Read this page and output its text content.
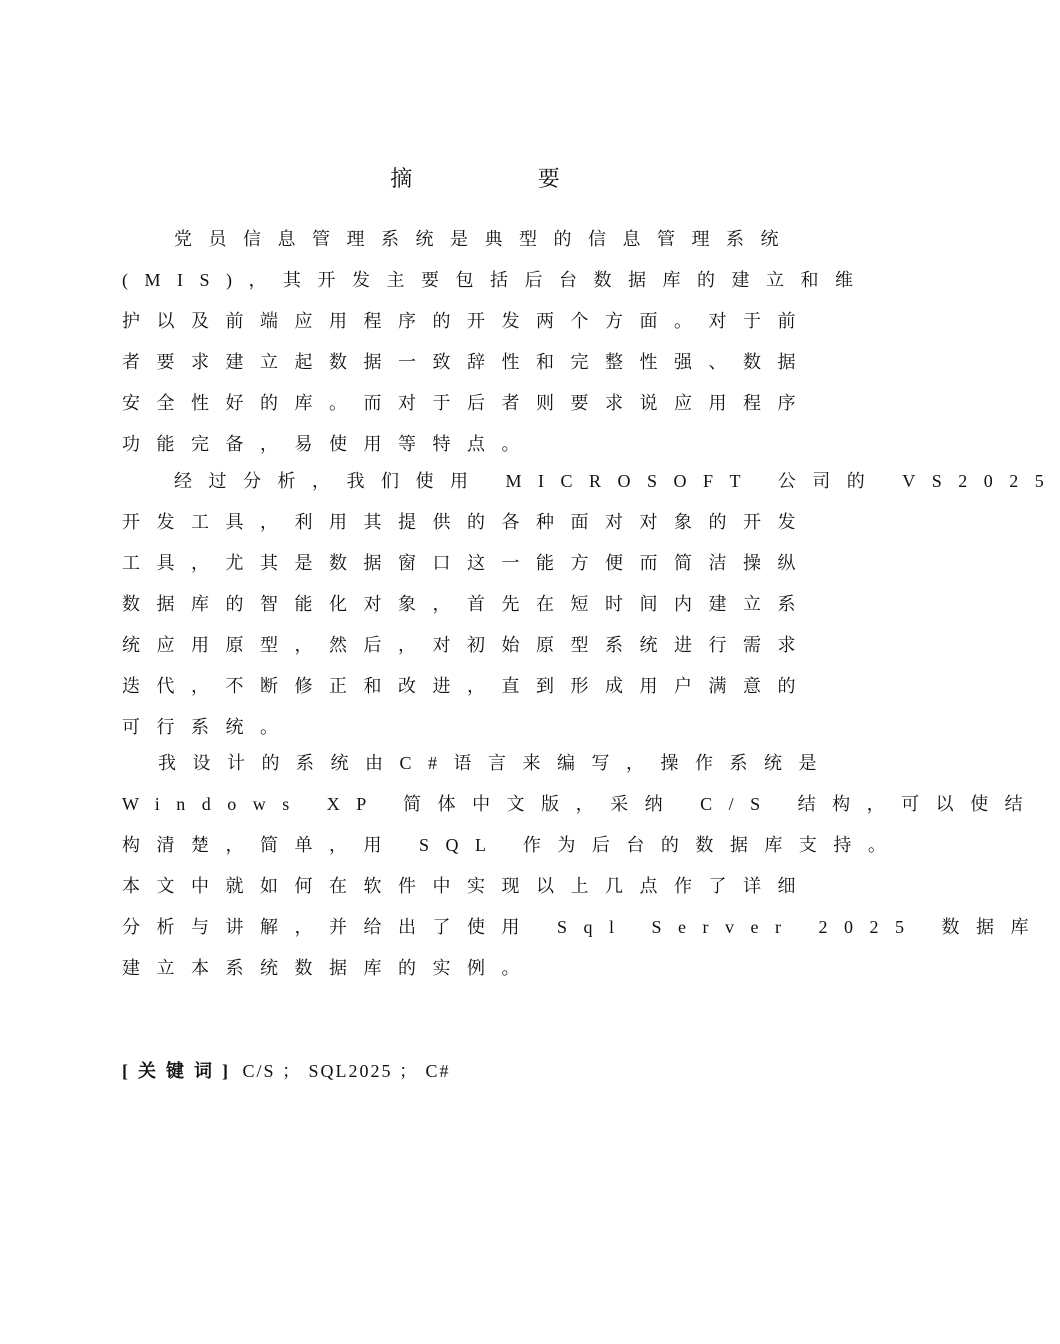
摘 要
党员信息管理系统是典型的信息管理系统
(MIS)，其开发主要包括后台数据库的建立和维
护以及前端应用程序的开发两个方面。对于前
者要求建立起数据一致辞性和完整性强、数据
安全性好的库。而对于后者则要求说应用程序
功能完备，易使用等特点。
经过分析，我们使用 MICROSOFT 公司的 VS2025
开发工具，利用其提供的各种面对对象的开发
工具，尤其是数据窗口这一能方便而简洁操纵
数据库的智能化对象，首先在短时间内建立系
统应用原型，然后，对初始原型系统进行需求
迭代，不断修正和改进，直到形成用户满意的
可行系统。
我设计的系统由C#语言来编写，操作系统是
Windows XP 简体中文版，采纳 C/S 结构，可以使结
构清楚，简单，用 SQL 作为后台的数据库支持。
本文中就如何在软件中实现以上几点作了详细
分析与讲解，并给出了使用 Sql Server 2025 数据库
建立本系统数据库的实例。
[关键词] C/S ； SQL2025 ； C#
